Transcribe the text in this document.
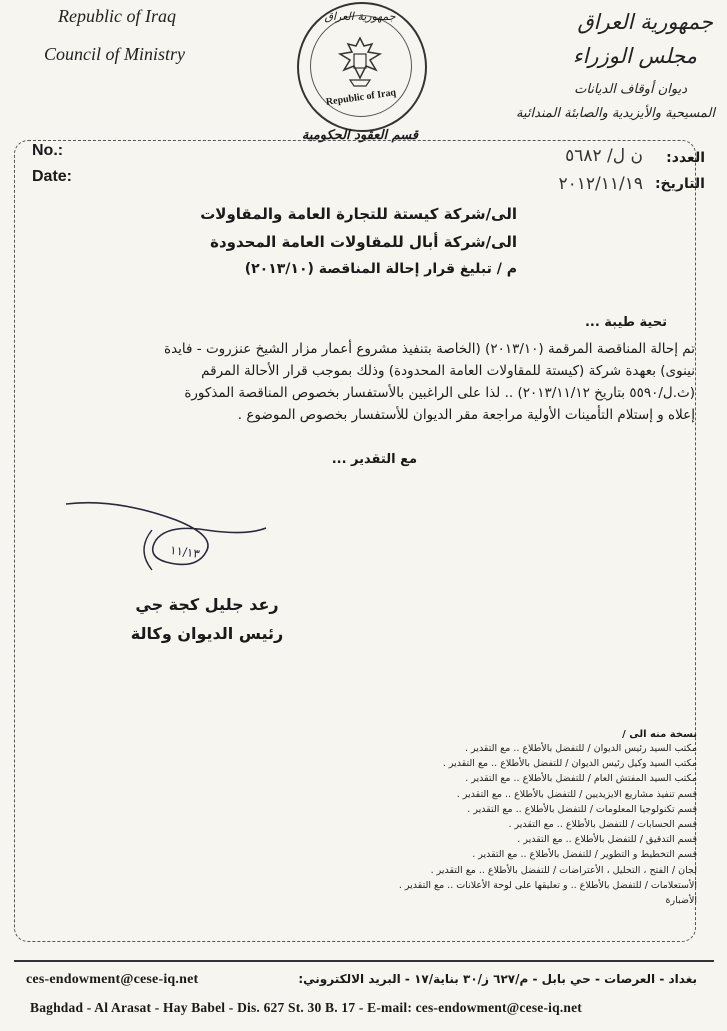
Republic of Iraq
Council of Ministry
جمهورية العراق
مجلس الوزراء
ديوان أوقاف الديانات
المسيحية والأيزيدية والصابئة المندائية
جمهورية العراق
Republic of Iraq
قسم العقود الحكومية
No.:
Date:
العدد:
ن ل/ ٥٦٨٢
التاريخ:
٢٠١٢/١١/١٩
الى/شركة كيستة للتجارة العامة والمقاولات
الى/شركة أبال للمقاولات العامة المحدودة
م / تبليغ قرار إحالة المناقصة (٢٠١٣/١٠)
تحية طيبة ...
تم إحالة المناقصة المرقمة (٢٠١٣/١٠) (الخاصة بتنفيذ مشروع أعمار مزار الشيخ عنزروت - فايدة
نينوى) بعهدة شركة (كيستة للمقاولات العامة المحدودة) وذلك بموجب قرار الأحالة المرقم
(ث.ل/٥٥٩٠ بتاريخ ٢٠١٣/١١/١٢) .. لذا على الراغبين بالأستفسار بخصوص المناقصة المذكورة
إعلاه و إستلام التأمينات الأولية مراجعة مقر الديوان للأستفسار بخصوص الموضوع .
مع التقدير ...
١١/١٣
رعد جليل كجة جي
رئيس الديوان وكالة
نسخة منه الى /
مكتب السيد رئيس الديوان / للتفضل بالأطلاع .. مع التقدير .
مكتب السيد وكيل رئيس الديوان / للتفضل بالأطلاع .. مع التقدير .
مكتب السيد المفتش العام / للتفضل بالأطلاع .. مع التقدير .
قسم تنفيذ مشاريع الايزيديين / للتفضل بالأطلاع .. مع التقدير .
قسم تكنولوجيا المعلومات / للتفضل بالأطلاع .. مع التقدير .
قسم الحسابات / للتفضل بالأطلاع .. مع التقدير .
قسم التدقيق / للتفضل بالأطلاع .. مع التقدير .
قسم التخطيط و التطوير / للتفضل بالأطلاع .. مع التقدير .
لجان / الفتح ، التحليل ، الأعتراضات / للتفضل بالأطلاع .. مع التقدير .
الأستعلامات / للتفضل بالأطلاع .. و تعليقها على لوحة الأعلانات .. مع التقدير .
الأضبارة
بغداد - العرصات - حي بابل - م/٦٢٧ ز/٣٠ بناية/١٧ - البريد الالكتروني:
ces-endowment@cese-iq.net
Baghdad - Al Arasat - Hay Babel - Dis. 627 St. 30 B. 17 - E-mail: ces-endowment@cese-iq.net
